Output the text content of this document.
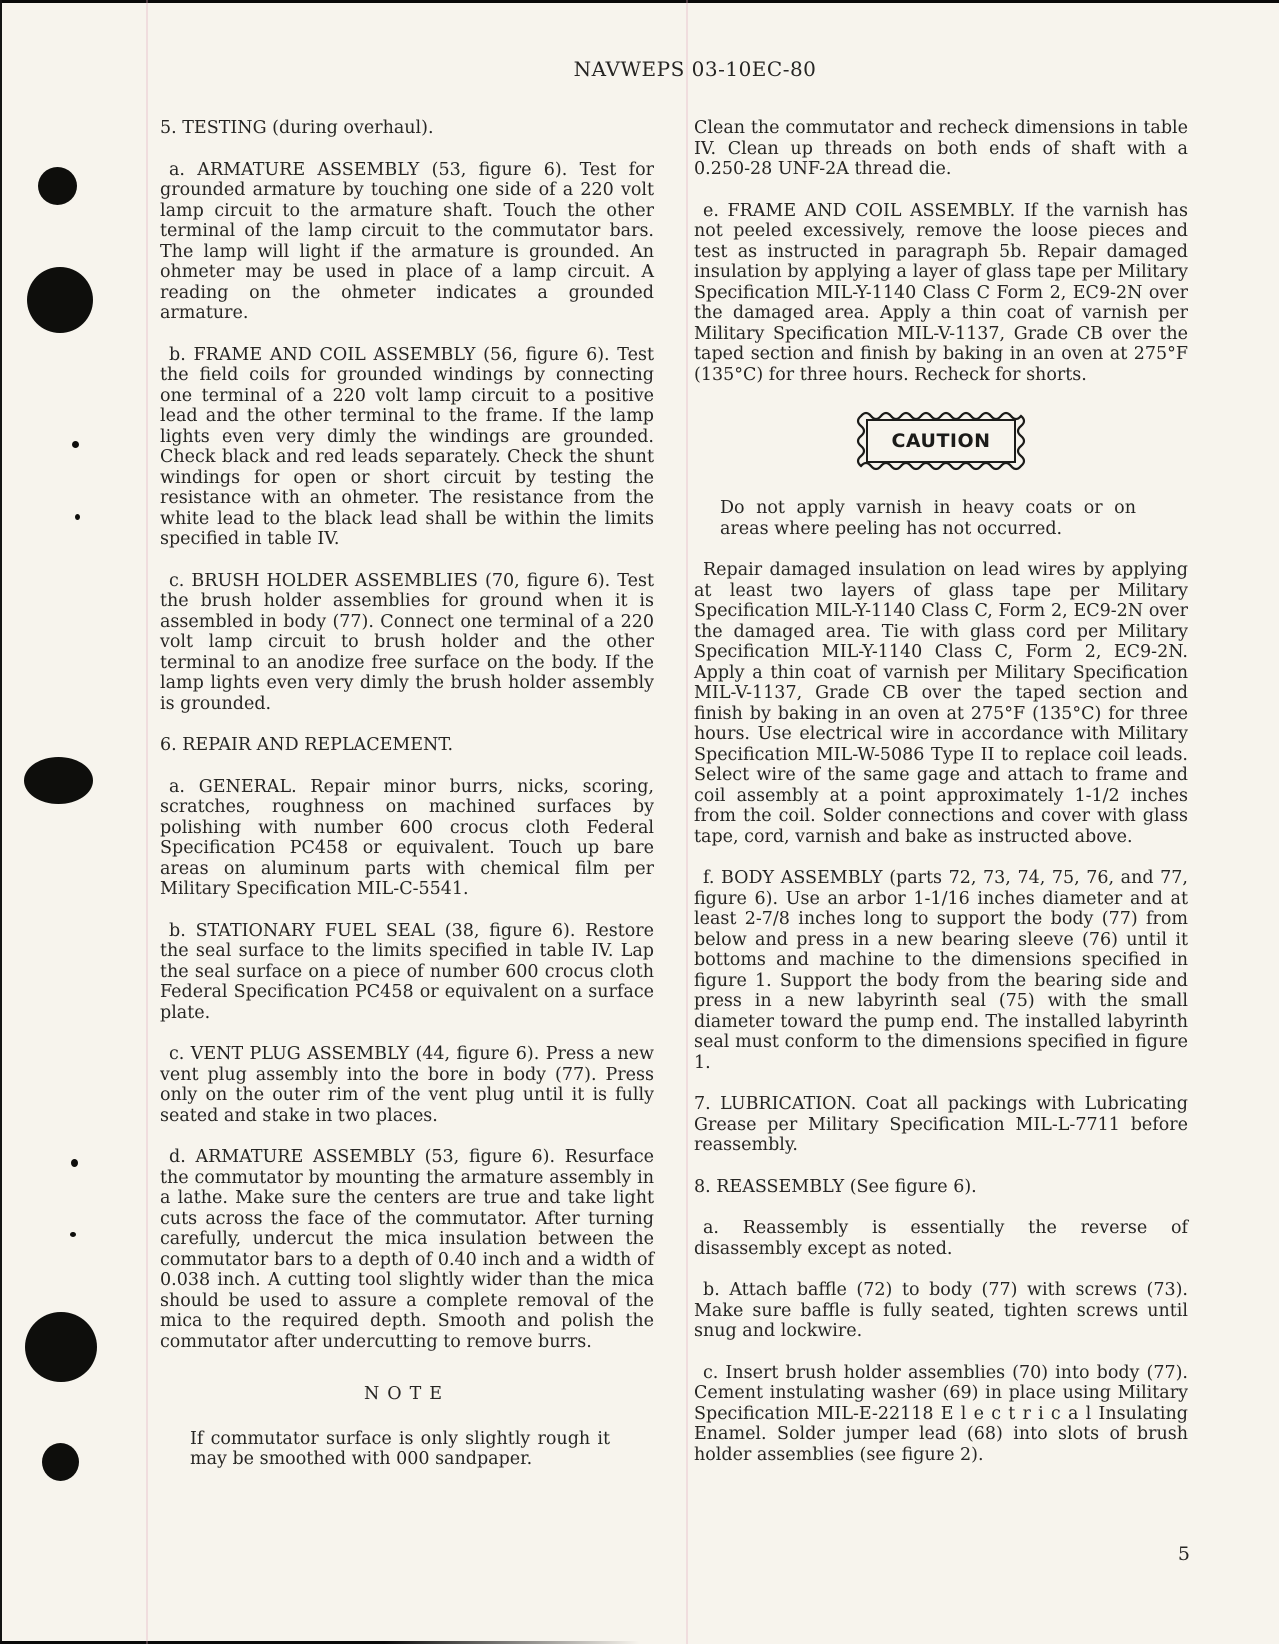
NAVWEPS 03-10EC-80

5. TESTING (during overhaul).

a. ARMATURE ASSEMBLY (53, figure 6). Test for grounded armature by touching one side of a 220 volt lamp circuit to the armature shaft. Touch the other terminal of the lamp circuit to the commutator bars. The lamp will light if the armature is grounded. An ohmeter may be used in place of a lamp circuit. A reading on the ohmeter indicates a grounded armature.

b. FRAME AND COIL ASSEMBLY (56, figure 6). Test the field coils for grounded windings by connecting one terminal of a 220 volt lamp circuit to a positive lead and the other terminal to the frame. If the lamp lights even very dimly the windings are grounded. Check black and red leads separately. Check the shunt windings for open or short circuit by testing the resistance with an ohmeter. The resistance from the white lead to the black lead shall be within the limits specified in table IV.

c. BRUSH HOLDER ASSEMBLIES (70, figure 6). Test the brush holder assemblies for ground when it is assembled in body (77). Connect one terminal of a 220 volt lamp circuit to brush holder and the other terminal to an anodize free surface on the body. If the lamp lights even very dimly the brush holder assembly is grounded.

6. REPAIR AND REPLACEMENT.

a. GENERAL. Repair minor burrs, nicks, scoring, scratches, roughness on machined surfaces by polishing with number 600 crocus cloth Federal Specification PC458 or equivalent. Touch up bare areas on aluminum parts with chemical film per Military Specification MIL-C-5541.

b. STATIONARY FUEL SEAL (38, figure 6). Restore the seal surface to the limits specified in table IV. Lap the seal surface on a piece of number 600 crocus cloth Federal Specification PC458 or equivalent on a surface plate.

c. VENT PLUG ASSEMBLY (44, figure 6). Press a new vent plug assembly into the bore in body (77). Press only on the outer rim of the vent plug until it is fully seated and stake in two places.

d. ARMATURE ASSEMBLY (53, figure 6). Resurface the commutator by mounting the armature assembly in a lathe. Make sure the centers are true and take light cuts across the face of the commutator. After turning carefully, undercut the mica insulation between the commutator bars to a depth of 0.40 inch and a width of 0.038 inch. A cutting tool slightly wider than the mica should be used to assure a complete removal of the mica to the required depth. Smooth and polish the commutator after undercutting to remove burrs.

NOTE

If commutator surface is only slightly rough it may be smoothed with 000 sandpaper.

Clean the commutator and recheck dimensions in table IV. Clean up threads on both ends of shaft with a 0.250-28 UNF-2A thread die.

e. FRAME AND COIL ASSEMBLY. If the varnish has not peeled excessively, remove the loose pieces and test as instructed in paragraph 5b. Repair damaged insulation by applying a layer of glass tape per Military Specification MIL-Y-1140 Class C Form 2, EC9-2N over the damaged area. Apply a thin coat of varnish per Military Specification MIL-V-1137, Grade CB over the taped section and finish by baking in an oven at 275°F (135°C) for three hours. Recheck for shorts.

CAUTION

Do not apply varnish in heavy coats or on areas where peeling has not occurred.

Repair damaged insulation on lead wires by applying at least two layers of glass tape per Military Specification MIL-Y-1140 Class C, Form 2, EC9-2N over the damaged area. Tie with glass cord per Military Specification MIL-Y-1140 Class C, Form 2, EC9-2N. Apply a thin coat of varnish per Military Specification MIL-V-1137, Grade CB over the taped section and finish by baking in an oven at 275°F (135°C) for three hours. Use electrical wire in accordance with Military Specification MIL-W-5086 Type II to replace coil leads. Select wire of the same gage and attach to frame and coil assembly at a point approximately 1-1/2 inches from the coil. Solder connections and cover with glass tape, cord, varnish and bake as instructed above.

f. BODY ASSEMBLY (parts 72, 73, 74, 75, 76, and 77, figure 6). Use an arbor 1-1/16 inches diameter and at least 2-7/8 inches long to support the body (77) from below and press in a new bearing sleeve (76) until it bottoms and machine to the dimensions specified in figure 1. Support the body from the bearing side and press in a new labyrinth seal (75) with the small diameter toward the pump end. The installed labyrinth seal must conform to the dimensions specified in figure 1.

7. LUBRICATION. Coat all packings with Lubricating Grease per Military Specification MIL-L-7711 before reassembly.

8. REASSEMBLY (See figure 6).

a. Reassembly is essentially the reverse of disassembly except as noted.

b. Attach baffle (72) to body (77) with screws (73). Make sure baffle is fully seated, tighten screws until snug and lockwire.

c. Insert brush holder assemblies (70) into body (77). Cement instulating washer (69) in place using Military Specification MIL-E-22118 E l e c t r i c a l Insulating Enamel. Solder jumper lead (68) into slots of brush holder assemblies (see figure 2).

5
